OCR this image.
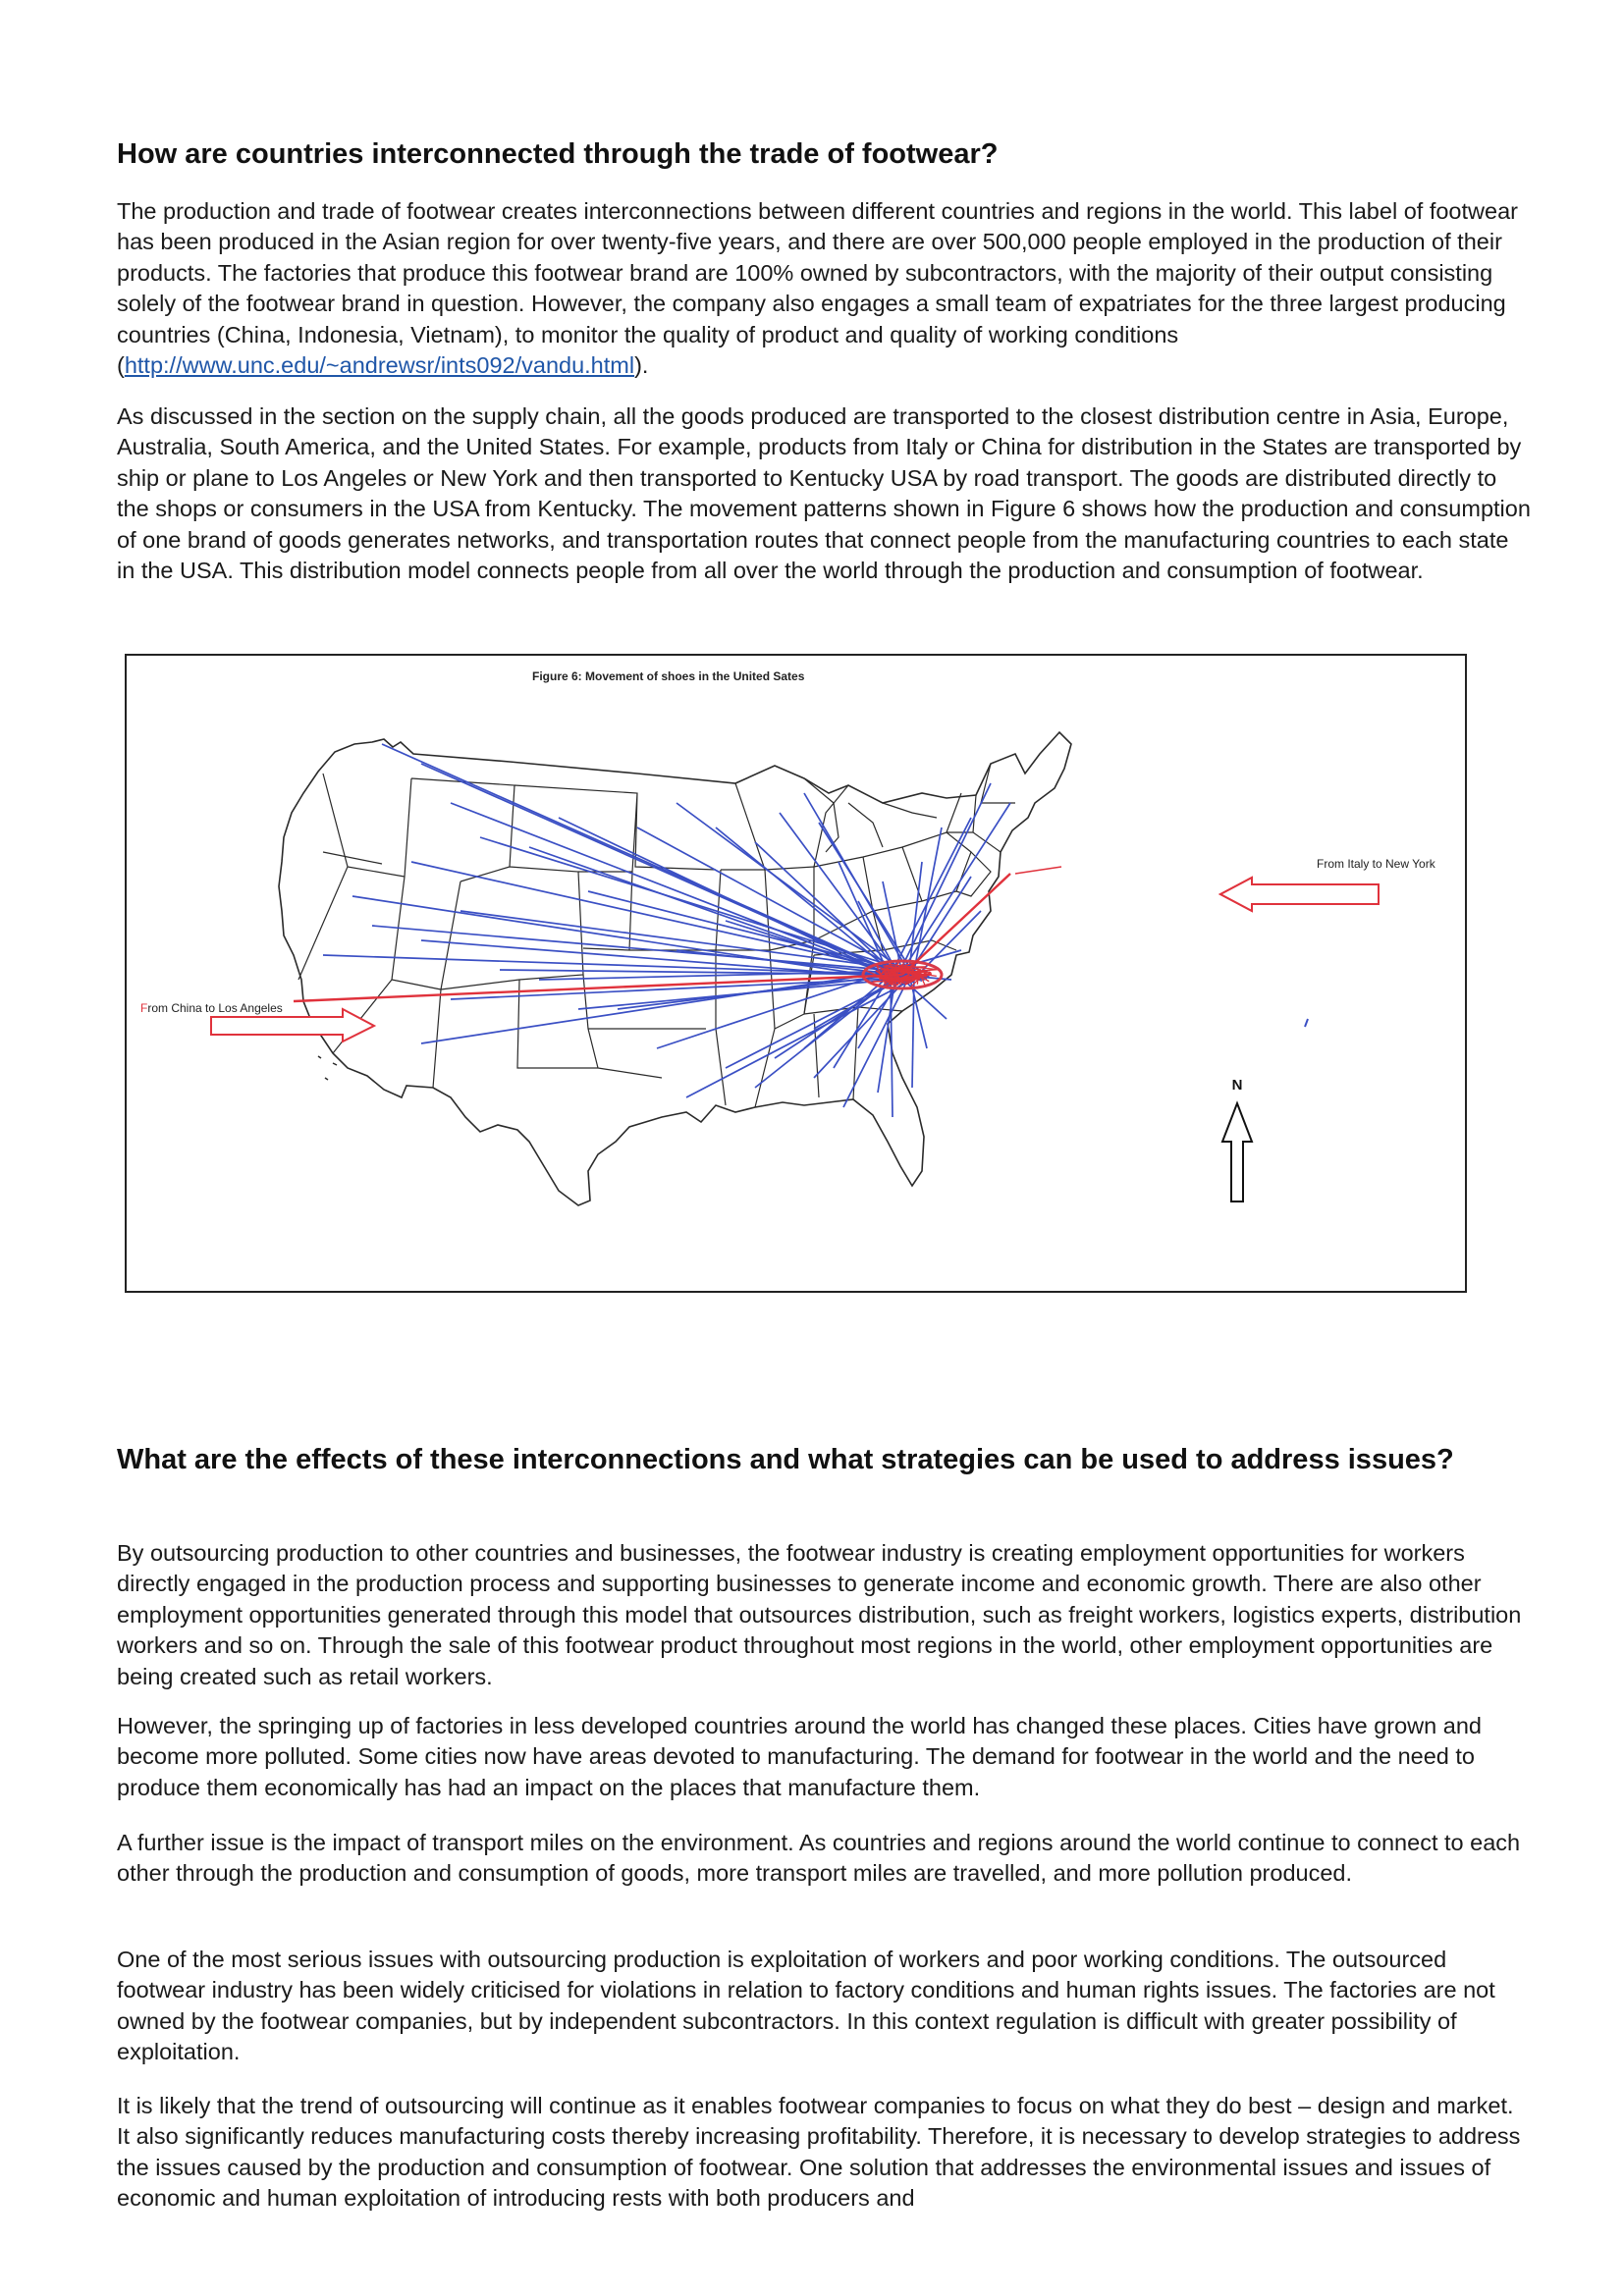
How are countries interconnected through the trade of footwear?

The production and trade of footwear creates interconnections between different countries and regions in the world. This label of footwear has been produced in the Asian region for over twenty-five years, and there are over 500,000 people employed in the production of their products. The factories that produce this footwear brand are 100% owned by subcontractors, with the majority of their output consisting solely of the footwear brand in question. However, the company also engages a small team of expatriates for the three largest producing countries (China, Indonesia, Vietnam), to monitor the quality of product and quality of working conditions (http://www.unc.edu/~andrewsr/ints092/vandu.html).

As discussed in the section on the supply chain, all the goods produced are transported to the closest distribution centre in Asia, Europe, Australia, South America, and the United States. For example, products from Italy or China for distribution in the States are transported by ship or plane to Los Angeles or New York and then transported to Kentucky USA by road transport. The goods are distributed directly to the shops or consumers in the USA from Kentucky. The movement patterns shown in Figure 6 shows how the production and consumption of one brand of goods generates networks, and transportation routes that connect people from the manufacturing countries to each state in the USA. This distribution model connects people from all over the world through the production and consumption of footwear.

Figure 6: Movement of shoes in the United Sates
From Italy to New York
From China to Los Angeles
N
What are the effects of these interconnections and what strategies can be used to address issues?

By outsourcing production to other countries and businesses, the footwear industry is creating employment opportunities for workers directly engaged in the production process and supporting businesses to generate income and economic growth. There are also other employment opportunities generated through this model that outsources distribution, such as freight workers, logistics experts, distribution workers and so on. Through the sale of this footwear product throughout most regions in the world, other employment opportunities are being created such as retail workers.

However, the springing up of factories in less developed countries around the world has changed these places. Cities have grown and become more polluted. Some cities now have areas devoted to manufacturing. The demand for footwear in the world and the need to produce them economically has had an impact on the places that manufacture them.

A further issue is the impact of transport miles on the environment. As countries and regions around the world continue to connect to each other through the production and consumption of goods, more transport miles are travelled, and more pollution produced.

One of the most serious issues with outsourcing production is exploitation of workers and poor working conditions. The outsourced footwear industry has been widely criticised for violations in relation to factory conditions and human rights issues. The factories are not owned by the footwear companies, but by independent subcontractors. In this context regulation is difficult with greater possibility of exploitation.

It is likely that the trend of outsourcing will continue as it enables footwear companies to focus on what they do best – design and market. It also significantly reduces manufacturing costs thereby increasing profitability. Therefore, it is necessary to develop strategies to address the issues caused by the production and consumption of footwear. One solution that addresses the environmental issues and issues of economic and human exploitation of introducing rests with both producers and
